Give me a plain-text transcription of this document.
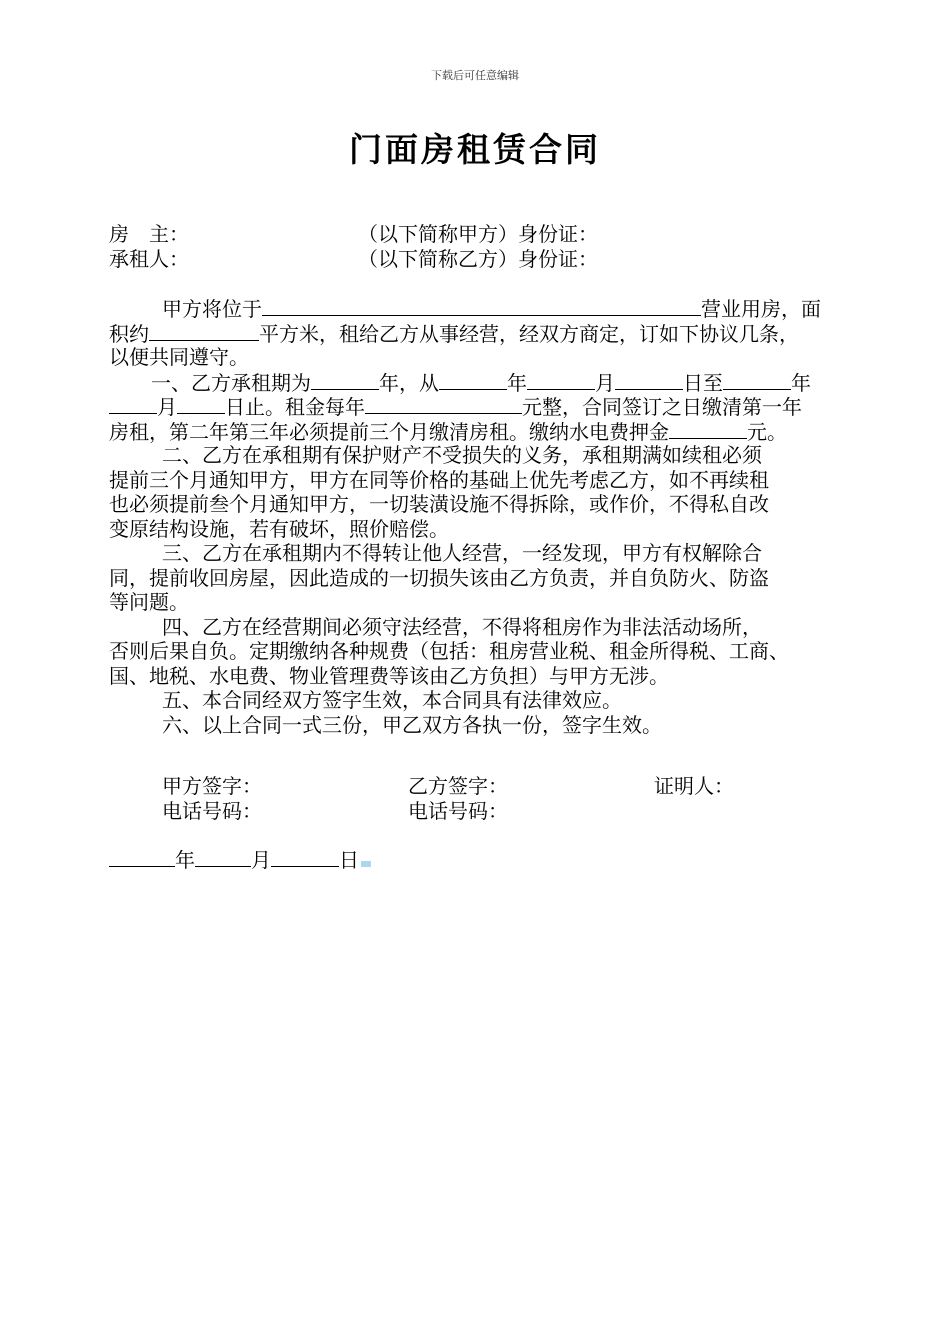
下载后可任意编辑
门面房租赁合同
房　主：	（以下简称甲方）身份证：
承租人：	（以下简称乙方）身份证：
甲方将位于	营业用房，面
积约	平方米，租给乙方从事经营，经双方商定，订如下协议几条，
以便共同遵守。
一、乙方承租期为	年，从	年	月	日至	年
月 日止。租金每年	元整，合同签订之日缴清第一年
房租，第二年第三年必须提前三个月缴清房租。缴纳水电费押金	元。
二、乙方在承租期有保护财产不受损失的义务，承租期满如续租必须
提前三个月通知甲方，甲方在同等价格的基础上优先考虑乙方，如不再续租
也必须提前叁个月通知甲方，一切装潢设施不得拆除，或作价，不得私自改
变原结构设施，若有破坏，照价赔偿。
三、乙方在承租期内不得转让他人经营，一经发现，甲方有权解除合
同，提前收回房屋，因此造成的一切损失该由乙方负责，并自负防火、防盗
等问题。
四、乙方在经营期间必须守法经营，不得将租房作为非法活动场所，
否则后果自负。定期缴纳各种规费（包括：租房营业税、租金所得税、工商、
国、地税、水电费、物业管理费等该由乙方负担）与甲方无涉。
五、本合同经双方签字生效，本合同具有法律效应。
六、以上合同一式三份，甲乙双方各执一份，签字生效。
甲方签字：	乙方签字：	证明人：
电话号码：	电话号码：
年	月	日
